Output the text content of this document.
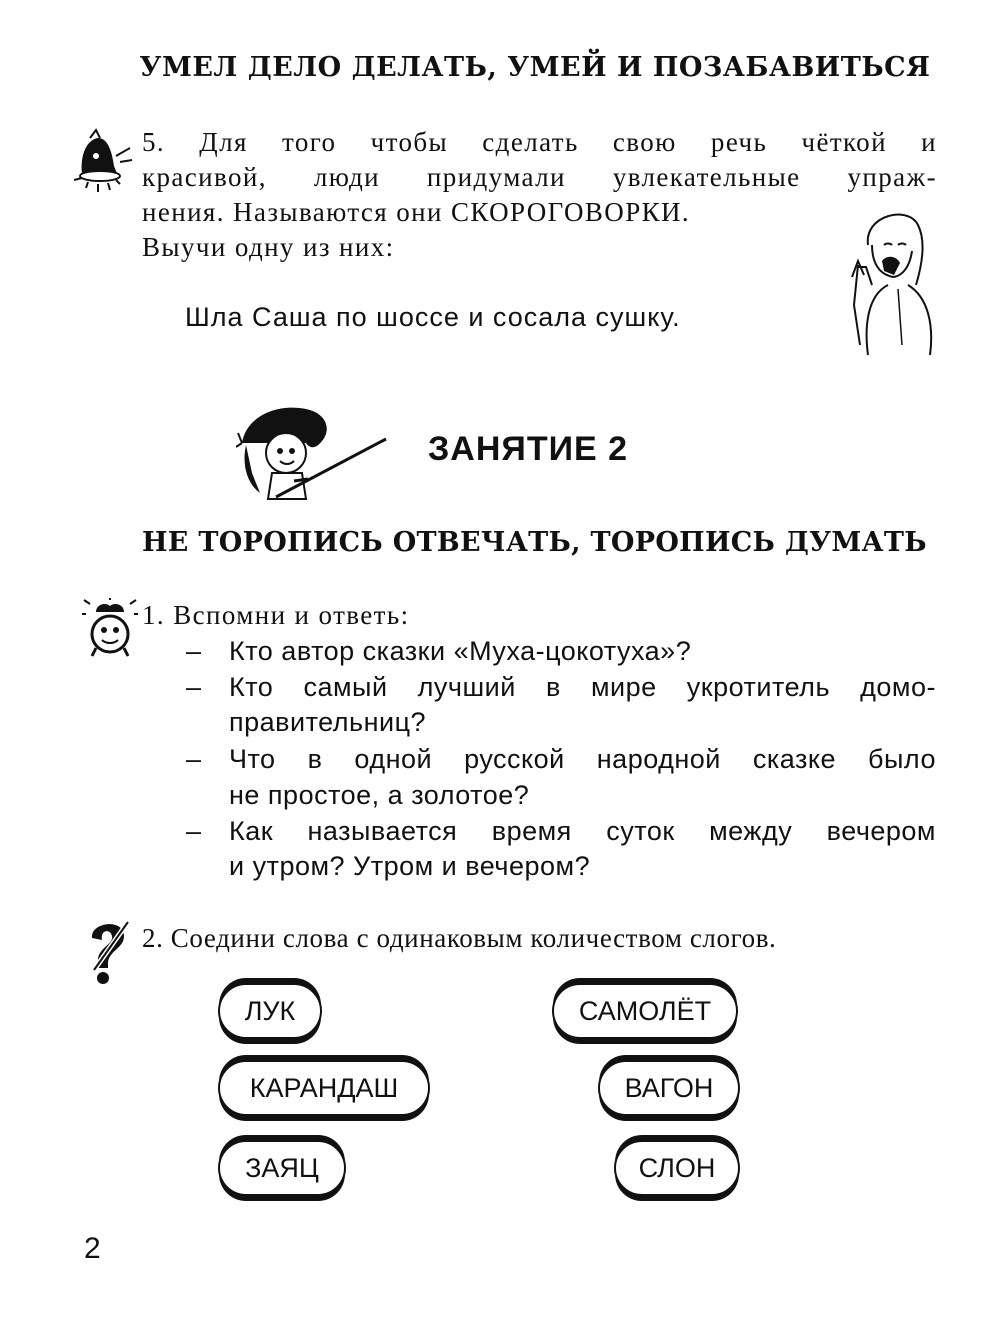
УМЕЛ ДЕЛО ДЕЛАТЬ, УМЕЙ И ПОЗАБАВИТЬСЯ
5. Для того чтобы сделать свою речь чёткой и
красивой, люди придумали увлекательные упраж-
нения. Называются они СКОРОГОВОРКИ.
Выучи одну из них:
Шла Саша по шоссе и сосала сушку.
ЗАНЯТИЕ 2
НЕ ТОРОПИСЬ ОТВЕЧАТЬ, ТОРОПИСЬ ДУМАТЬ
1. Вспомни и ответь:
– Кто автор сказки «Муха-цокотуха»?
– Кто самый лучший в мире укротитель домо-
правительниц?
– Что в одной русской народной сказке было
не простое, а золотое?
– Как называется время суток между вечером
и утром? Утром и вечером?
2. Соедини слова с одинаковым количеством слогов.
ЛУК
КАРАНДАШ
ЗАЯЦ
САМОЛЁТ
ВАГОН
СЛОН
2
